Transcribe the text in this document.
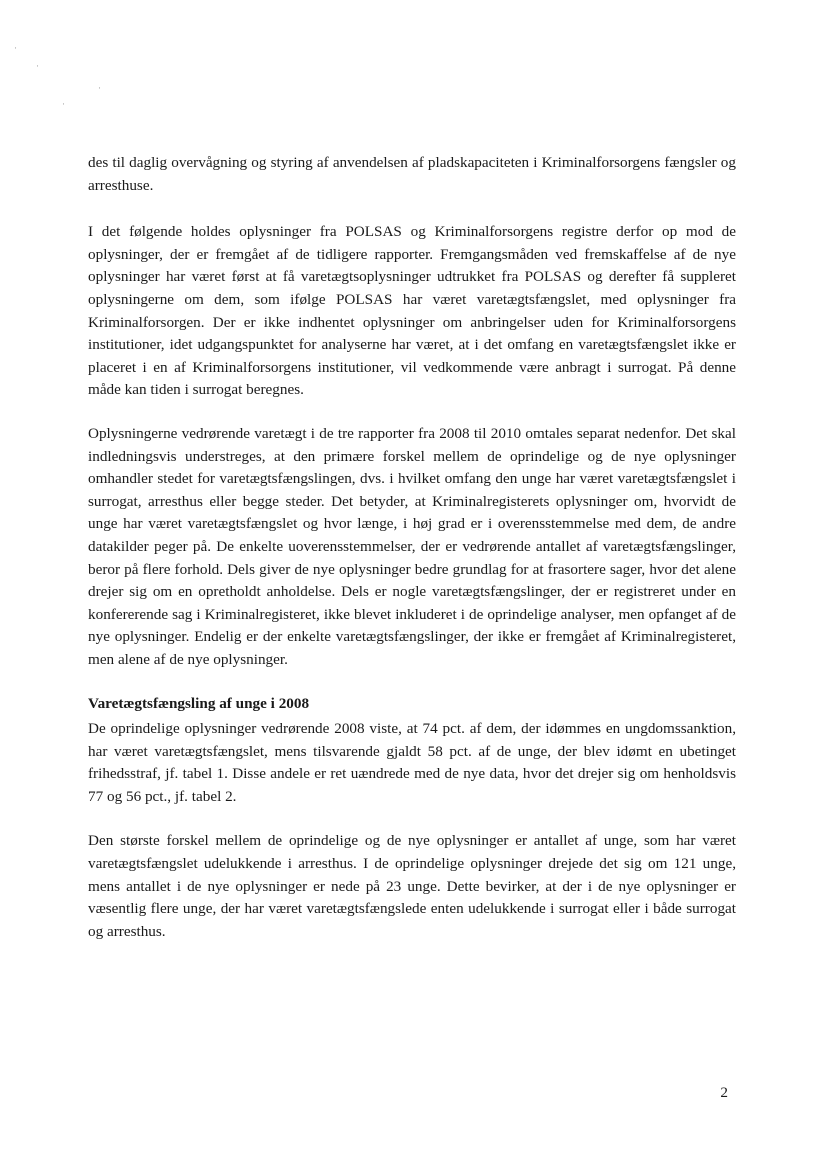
·
·
·
·

des til daglig overvågning og styring af anvendelsen af pladskapaciteten i Kriminalforsorgens fængsler og arresthuse.

I det følgende holdes oplysninger fra POLSAS og Kriminalforsorgens registre derfor op mod de oplysninger, der er fremgået af de tidligere rapporter. Fremgangsmåden ved fremskaffelse af de nye oplysninger har været først at få varetægtsoplysninger udtrukket fra POLSAS og derefter få suppleret oplysningerne om dem, som ifølge POLSAS har været varetægtsfængslet, med oplysninger fra Kriminalforsorgen. Der er ikke indhentet oplysninger om anbringelser uden for Kriminalforsorgens institutioner, idet udgangspunktet for analyserne har været, at i det omfang en varetægtsfængslet ikke er placeret i en af Kriminalforsorgens institutioner, vil vedkommende være anbragt i surrogat. På denne måde kan tiden i surrogat beregnes.

Oplysningerne vedrørende varetægt i de tre rapporter fra 2008 til 2010 omtales separat nedenfor. Det skal indledningsvis understreges, at den primære forskel mellem de oprindelige og de nye oplysninger omhandler stedet for varetægtsfængslingen, dvs. i hvilket omfang den unge har været varetægtsfængslet i surrogat, arresthus eller begge steder. Det betyder, at Kriminalregisterets oplysninger om, hvorvidt de unge har været varetægtsfængslet og hvor længe, i høj grad er i overensstemmelse med dem, de andre datakilder peger på. De enkelte uoverensstemmelser, der er vedrørende antallet af varetægtsfængslinger, beror på flere forhold. Dels giver de nye oplysninger bedre grundlag for at frasortere sager, hvor det alene drejer sig om en opretholdt anholdelse. Dels er nogle varetægtsfængslinger, der er registreret under en konfererende sag i Kriminalregisteret, ikke blevet inkluderet i de oprindelige analyser, men opfanget af de nye oplysninger. Endelig er der enkelte varetægtsfængslinger, der ikke er fremgået af Kriminalregisteret, men alene af de nye oplysninger.

Varetægtsfængsling af unge i 2008

De oprindelige oplysninger vedrørende 2008 viste, at 74 pct. af dem, der idømmes en ungdomssanktion, har været varetægtsfængslet, mens tilsvarende gjaldt 58 pct. af de unge, der blev idømt en ubetinget frihedsstraf, jf. tabel 1. Disse andele er ret uændrede med de nye data, hvor det drejer sig om henholdsvis 77 og 56 pct., jf. tabel 2.

Den største forskel mellem de oprindelige og de nye oplysninger er antallet af unge, som har været varetægtsfængslet udelukkende i arresthus. I de oprindelige oplysninger drejede det sig om 121 unge, mens antallet i de nye oplysninger er nede på 23 unge. Dette bevirker, at der i de nye oplysninger er væsentlig flere unge, der har været varetægtsfængslede enten udelukkende i surrogat eller i både surrogat og arresthus.

2
